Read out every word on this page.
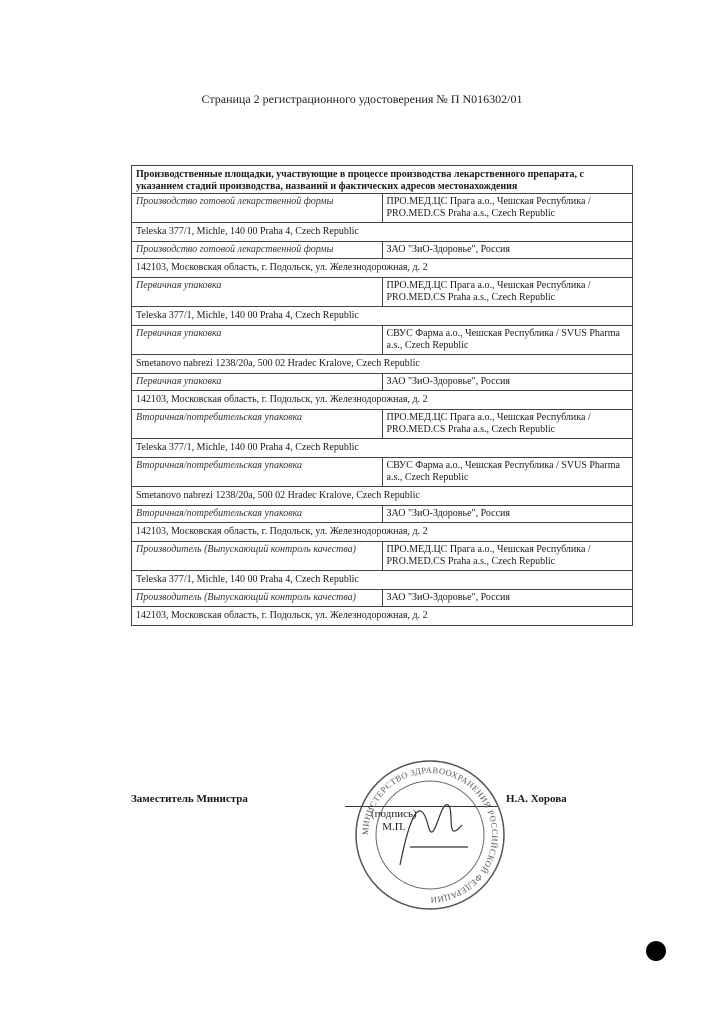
Страница 2 регистрационного удостоверения № П N016302/01
Производственные площадки, участвующие в процессе производства лекарственного препарата, с указанием стадий производства, названий и фактических адресов местонахождения	
Производство готовой лекарственной формы	ПРО.МЕД.ЦС Прага а.о., Чешская Республика / PRO.MED.CS Praha a.s., Czech Republic
Teleska 377/1, Michle, 140 00 Praha 4, Czech Republic	
Производство готовой лекарственной формы	ЗАО "ЗиО-Здоровье", Россия
142103, Московская область, г. Подольск, ул. Железнодорожная, д. 2	
Первичная упаковка	ПРО.МЕД.ЦС Прага а.о., Чешская Республика / PRO.MED.CS Praha a.s., Czech Republic
Teleska 377/1, Michle, 140 00 Praha 4, Czech Republic	
Первичная упаковка	СВУС Фарма а.о., Чешская Республика / SVUS Pharma a.s., Czech Republic
Smetanovo nabrezi 1238/20a, 500 02 Hradec Kralove, Czech Republic	
Первичная упаковка	ЗАО "ЗиО-Здоровье", Россия
142103, Московская область, г. Подольск, ул. Железнодорожная, д. 2	
Вторичная/потребительская упаковка	ПРО.МЕД.ЦС Прага а.о., Чешская Республика / PRO.MED.CS Praha a.s., Czech Republic
Teleska 377/1, Michle, 140 00 Praha 4, Czech Republic	
Вторичная/потребительская упаковка	СВУС Фарма а.о., Чешская Республика / SVUS Pharma a.s., Czech Republic
Smetanovo nabrezi 1238/20a, 500 02 Hradec Kralove, Czech Republic	
Вторичная/потребительская упаковка	ЗАО "ЗиО-Здоровье", Россия
142103, Московская область, г. Подольск, ул. Железнодорожная, д. 2	
Производитель (Выпускающий контроль качества)	ПРО.МЕД.ЦС Прага а.о., Чешская Республика / PRO.MED.CS Praha a.s., Czech Republic
Teleska 377/1, Michle, 140 00 Praha 4, Czech Republic	
Производитель (Выпускающий контроль качества)	ЗАО "ЗиО-Здоровье", Россия
142103, Московская область, г. Подольск, ул. Железнодорожная, д. 2	
Заместитель Министра	Н.А. Хорова
(подпись)
М.П.
МИНИСТЕРСТВО ЗДРАВООХРАНЕНИЯ РОССИЙСКОЙ ФЕДЕРАЦИИ
